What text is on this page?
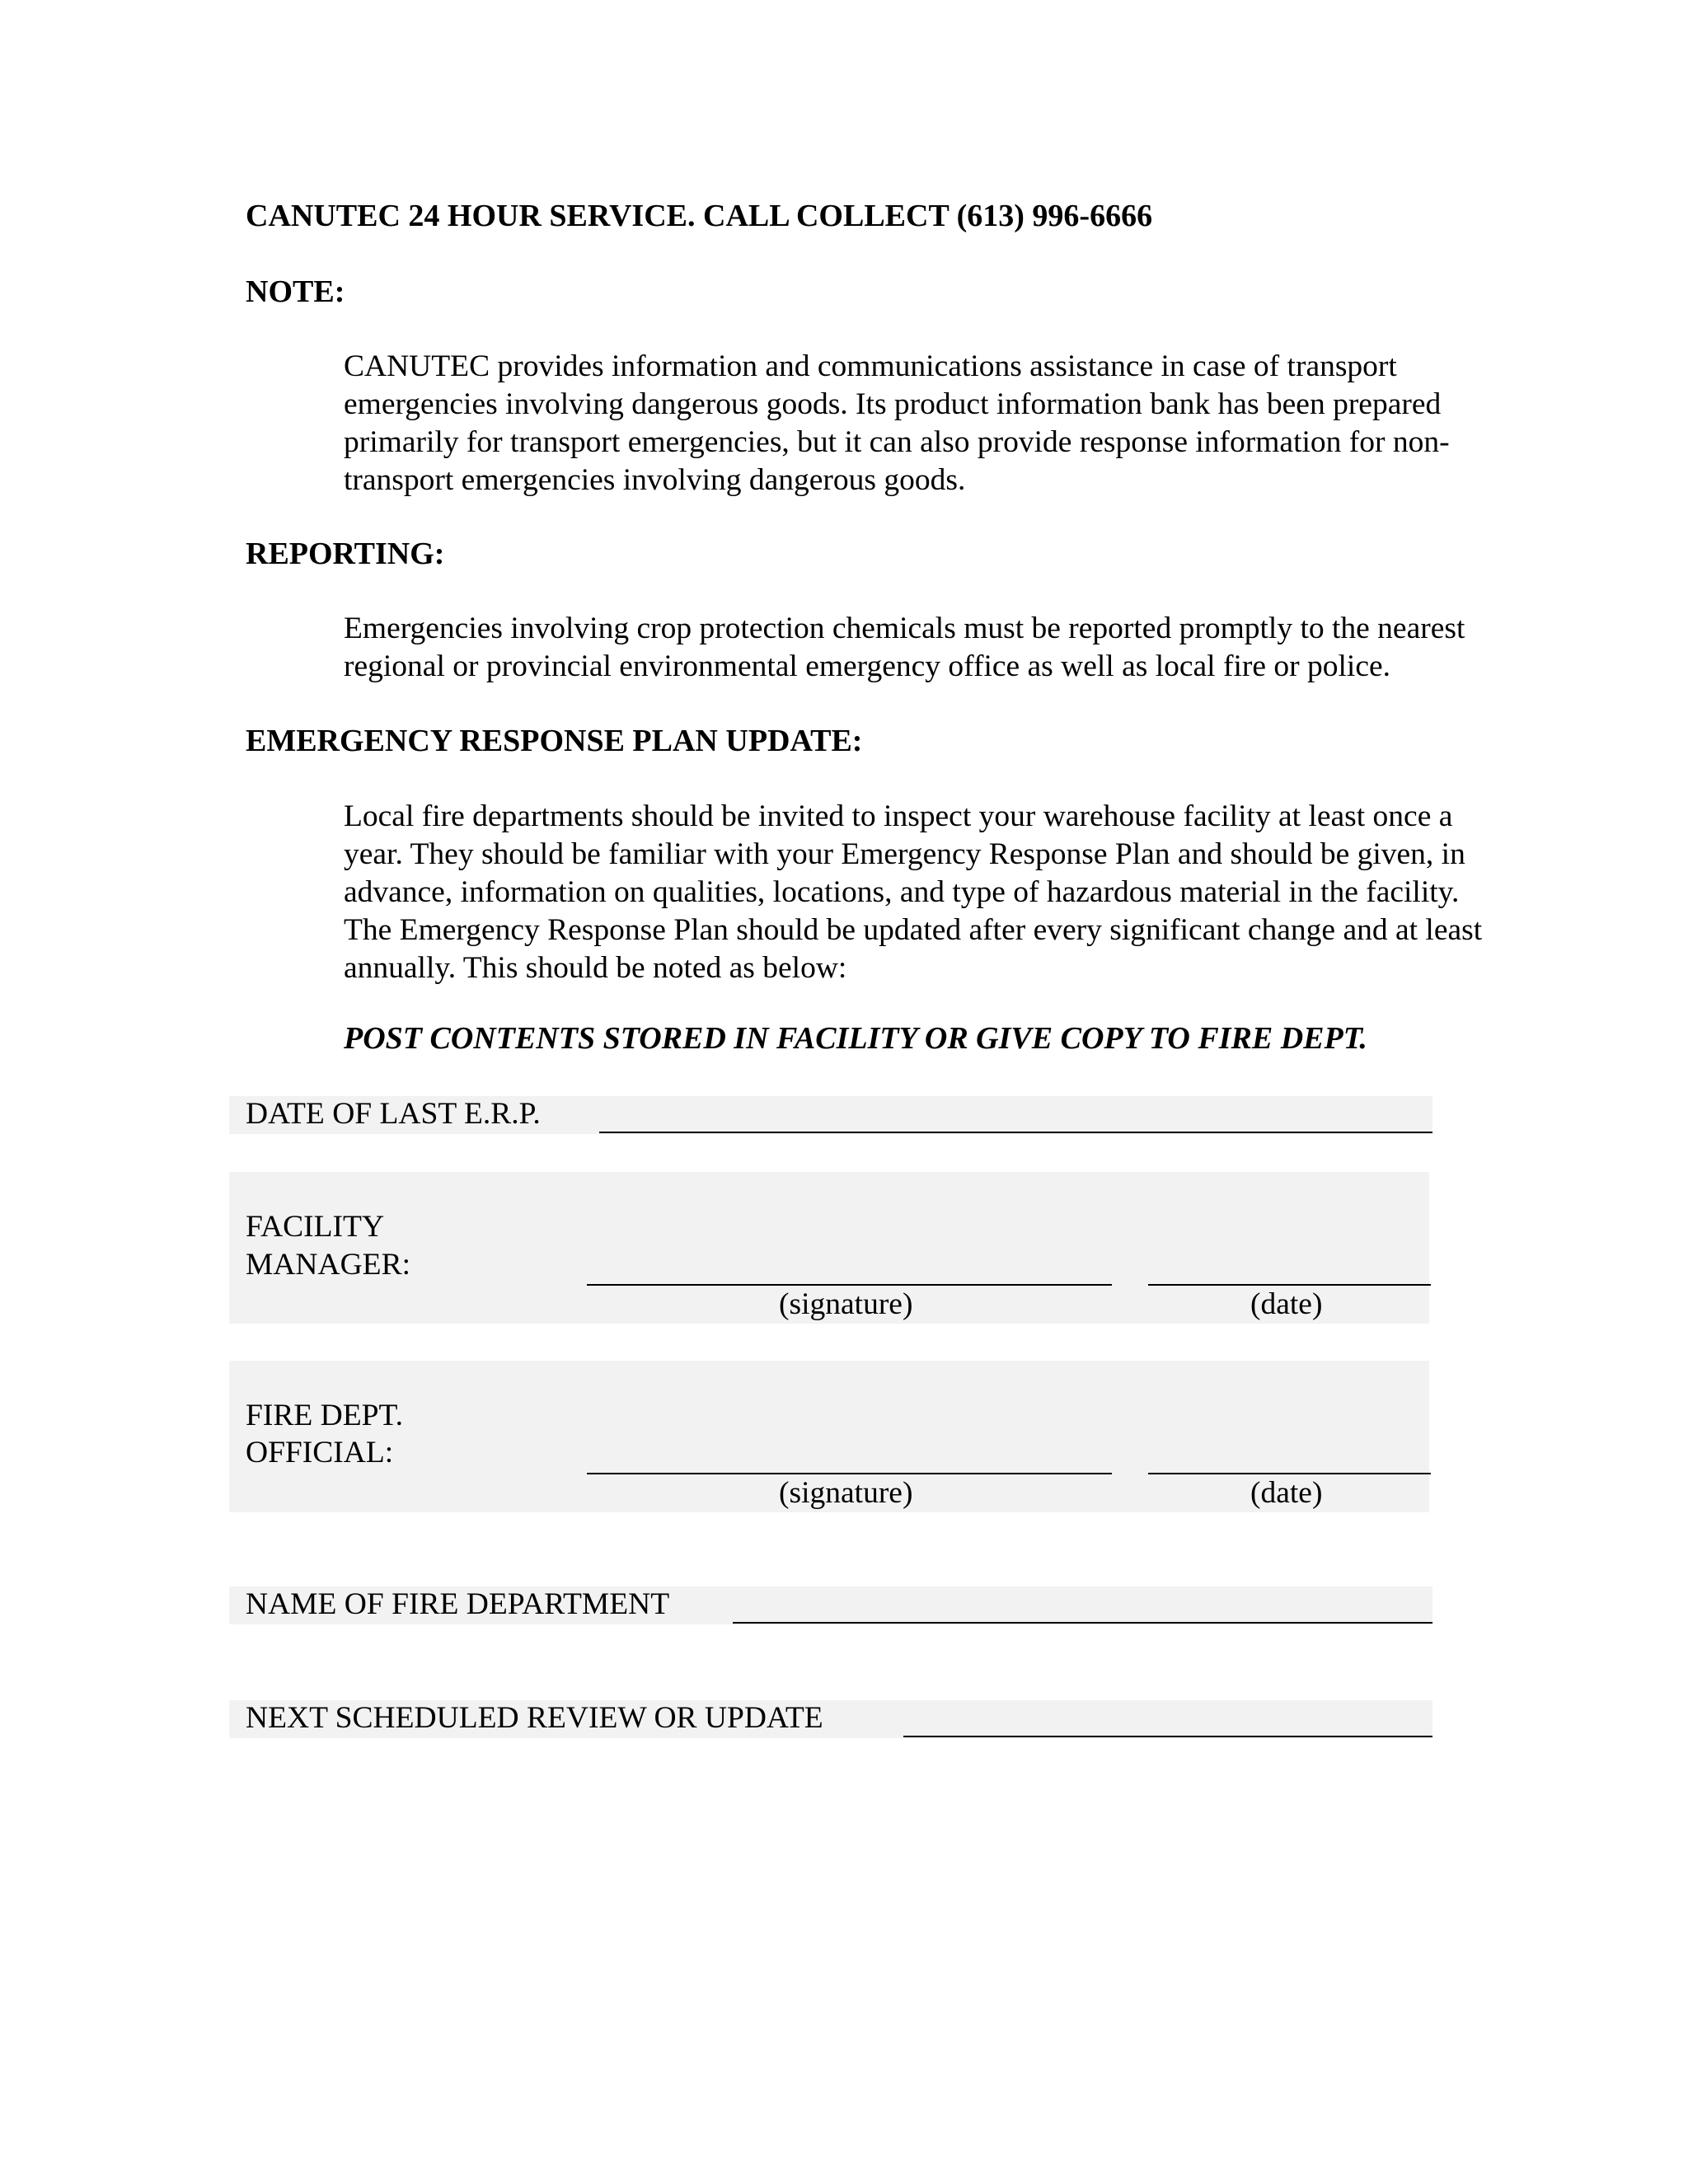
CANUTEC 24 HOUR SERVICE. CALL COLLECT (613) 996-6666
NOTE:
CANUTEC provides information and communications assistance in case of transport
emergencies involving dangerous goods. Its product information bank has been prepared
primarily for transport emergencies, but it can also provide response information for non-
transport emergencies involving dangerous goods.
REPORTING:
Emergencies involving crop protection chemicals must be reported promptly to the nearest
regional or provincial environmental emergency office as well as local fire or police.
EMERGENCY RESPONSE PLAN UPDATE:
Local fire departments should be invited to inspect your warehouse facility at least once a
year. They should be familiar with your Emergency Response Plan and should be given, in
advance, information on qualities, locations, and type of hazardous material in the facility.
The Emergency Response Plan should be updated after every significant change and at least
annually. This should be noted as below:
POST CONTENTS STORED IN FACILITY OR GIVE COPY TO FIRE DEPT.
DATE OF LAST E.R.P.
FACILITY
MANAGER:
(signature)	(date)
FIRE DEPT.
OFFICIAL:
(signature)	(date)
NAME OF FIRE DEPARTMENT
NEXT SCHEDULED REVIEW OR UPDATE
